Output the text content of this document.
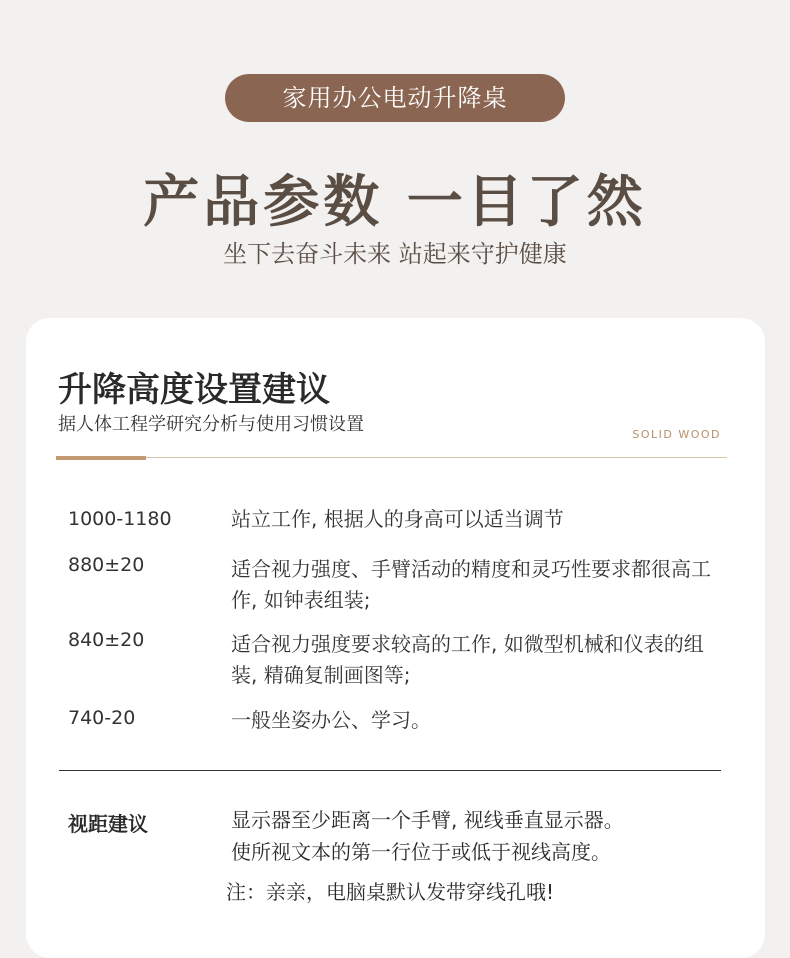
家用办公电动升降桌
产品参数 一目了然
坐下去奋斗未来 站起来守护健康
升降高度设置建议
据人体工程学研究分析与使用习惯设置	SOLID WOOD
1000-1180	站立工作, 根据人的身高可以适当调节
880±20	适合视力强度、手臂活动的精度和灵巧性要求都很高工作, 如钟表组装;
840±20	适合视力强度要求较高的工作, 如微型机械和仪表的组装, 精确复制画图等;
740-20	一般坐姿办公、学习。
视距建议	显示器至少距离一个手臂, 视线垂直显示器。
使所视文本的第一行位于或低于视线高度。
注：亲亲，电脑桌默认发带穿线孔哦!
